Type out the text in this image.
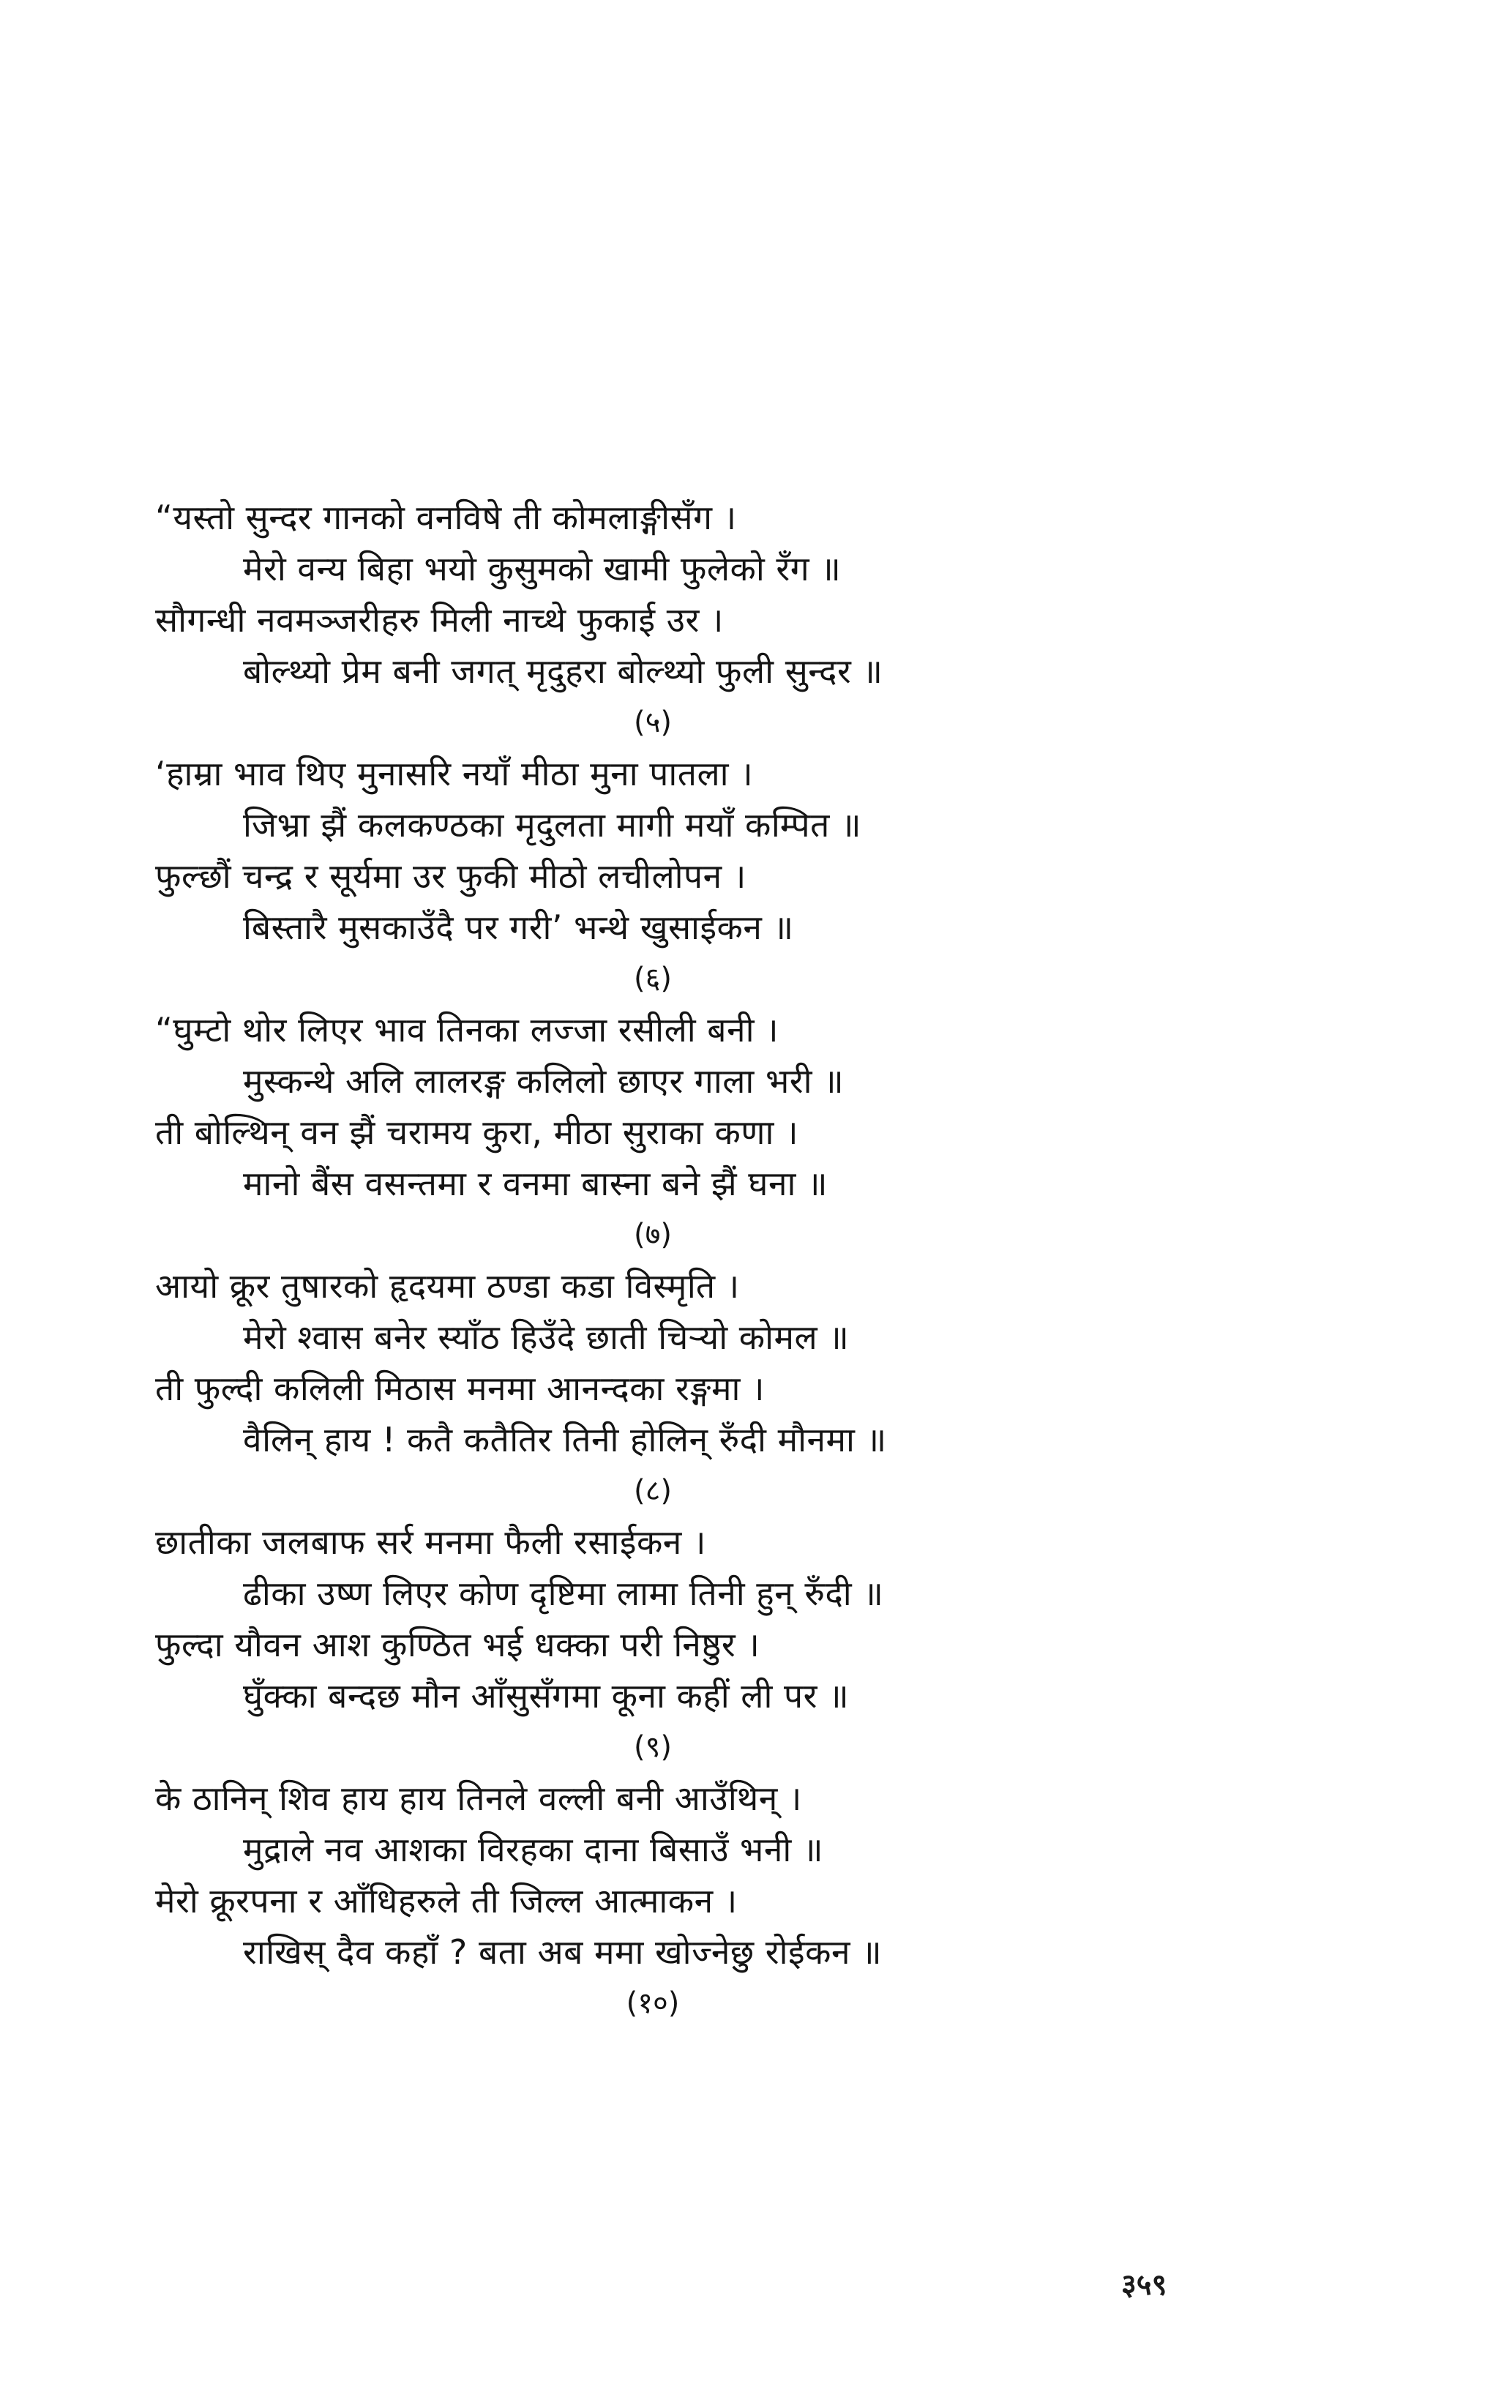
“यस्तो सुन्दर गानको वनविषे ती कोमलाङ्गीसँग ।
मेरो वन्य बिहा भयो कुसुमको खामी फुलेको रँग ॥
सौगन्धी नवमञ्जरीहरु मिली नाच्थे फुकाई उर ।
बोल्थ्यो प्रेम बनी जगत् मृदुहरा बोल्थ्यो फुली सुन्दर ॥
(५)
‘हाम्रा भाव थिए मुनासरि नयाँ मीठा मुना पातला ।
जिभ्रा झैं कलकण्ठका मृदुलता मागी मयाँ कम्पित ॥
फुल्छौं चन्द्र र सूर्यमा उर फुकी मीठो लचीलोपन ।
बिस्तारै मुसकाउँदै पर गरी’ भन्थे खुसाईकन ॥
(६)
“घुम्टो थोर लिएर भाव तिनका लज्जा रसीली बनी ।
मुस्कन्थे अलि लालरङ्ग कलिलो छाएर गाला भरी ॥
ती बोल्थिन् वन झैं चरामय कुरा, मीठा सुराका कणा ।
मानो बैंस वसन्तमा र वनमा बास्ना बने झैं घना ॥
(७)
आयो क्रूर तुषारको हृदयमा ठण्डा कडा विस्मृति ।
मेरो श्वास बनेर स्याँठ हिउँदे छाती चिऱ्यो कोमल ॥
ती फुल्दी कलिली मिठास मनमा आनन्दका रङ्गमा ।
वैलिन् हाय ! कतै कतैतिर तिनी होलिन् रुँदी मौनमा ॥
(८)
छातीका जलबाफ सर्र मनमा फैली रसाईकन ।
ढीका उष्ण लिएर कोण दृष्टिमा लामा तिनी हुन् रुँदी ॥
फुल्दा यौवन आश कुण्ठित भई धक्का परी निष्ठुर ।
घुँक्का बन्दछ मौन आँसुसँगमा कूना कहीं ली पर ॥
(९)
के ठानिन् शिव हाय हाय तिनले वल्ली बनी आउँथिन् ।
मुद्राले नव आशका विरहका दाना बिसाउँ भनी ॥
मेरो क्रूरपना र आँधिहरुले ती जिल्ल आत्माकन ।
राखिस् दैव कहाँ ? बता अब ममा खोज्नेछु रोईकन ॥
(१०)
३५९
